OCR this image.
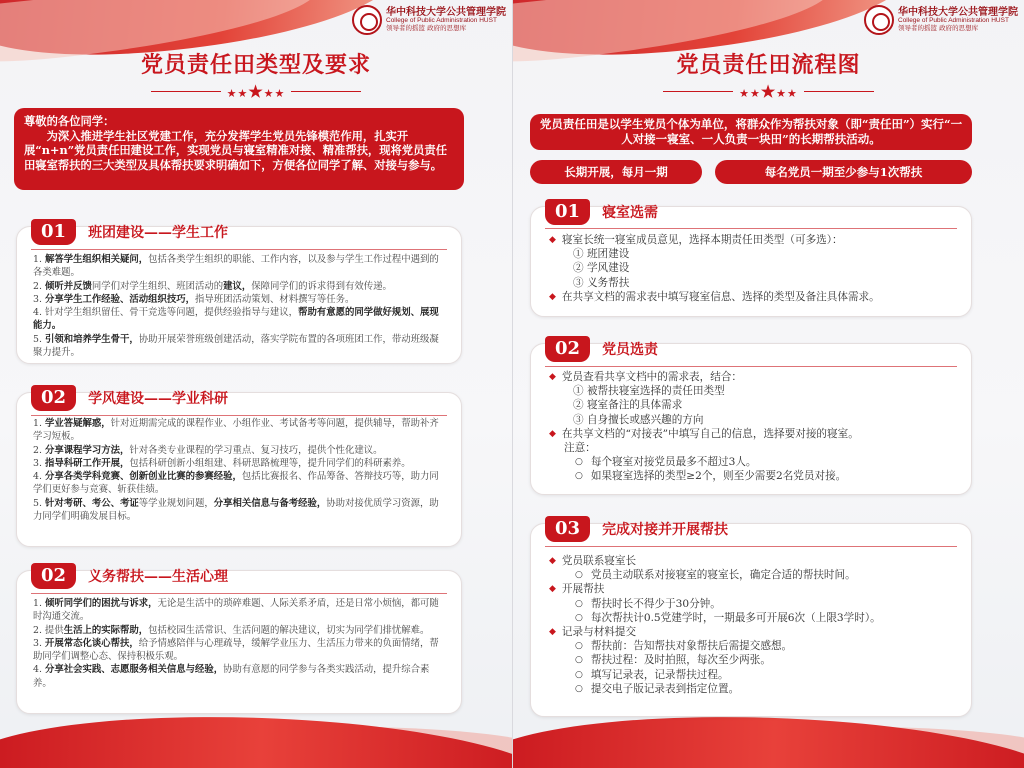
华中科技大学公共管理学院
College of Public Administration HUST
领导者的摇篮 政府的思想库
党员责任田类型及要求
★★★★★
尊敬的各位同学：
为深入推进学生社区党建工作，充分发挥学生党员先锋模范作用，扎实开展“n+n”党员责任田建设工作，实现党员与寝室精准对接、精准帮扶，现将党员责任田寝室帮扶的三大类型及具体帮扶要求明确如下，方便各位同学了解、对接与参与。
01	班团建设——学生工作
1. 解答学生组织相关疑问，包括各类学生组织的职能、工作内容，以及参与学生工作过程中遇到的各类难题。
2. 倾听并反馈同学们对学生组织、班团活动的建议，保障同学们的诉求得到有效传递。
3. 分享学生工作经验、活动组织技巧，指导班团活动策划、材料撰写等任务。
4. 针对学生组织留任、骨干竞选等问题，提供经验指导与建议，帮助有意愿的同学做好规划、展现能力。
5. 引领和培养学生骨干，协助开展荣誉班级创建活动，落实学院布置的各项班团工作，带动班级凝聚力提升。
02	学风建设——学业科研
1. 学业答疑解惑，针对近期需完成的课程作业、小组作业、考试备考等问题，提供辅导，帮助补齐学习短板。
2. 分享课程学习方法，针对各类专业课程的学习重点、复习技巧，提供个性化建议。
3. 指导科研工作开展，包括科研创新小组组建、科研思路梳理等，提升同学们的科研素养。
4. 分享各类学科竞赛、创新创业比赛的参赛经验，包括比赛报名、作品筹备、答辩技巧等，助力同学们更好参与竞赛、斩获佳绩。
5. 针对考研、考公、考证等学业规划问题，分享相关信息与备考经验，协助对接优质学习资源，助力同学们明确发展目标。
02	义务帮扶——生活心理
1. 倾听同学们的困扰与诉求，无论是生活中的琐碎难题、人际关系矛盾，还是日常小烦恼，都可随时沟通交流。
2. 提供生活上的实际帮助，包括校园生活常识、生活问题的解决建议，切实为同学们排忧解难。
3. 开展常态化谈心帮扶，给予情感陪伴与心理疏导，缓解学业压力、生活压力带来的负面情绪，帮助同学们调整心态、保持积极乐观。
4. 分享社会实践、志愿服务相关信息与经验，协助有意愿的同学参与各类实践活动，提升综合素养。
华中科技大学公共管理学院
College of Public Administration HUST
领导者的摇篮 政府的思想库
党员责任田流程图
★★★★★
党员责任田是以学生党员个体为单位，将群众作为帮扶对象（即“责任田”）实行“一人对接一寝室、一人负责一块田”的长期帮扶活动。
长期开展，每月一期	每名党员一期至少参与1次帮扶
01	寝室选需
◆ 寝室长统一寝室成员意见，选择本期责任田类型（可多选）：
① 班团建设
② 学风建设
③ 义务帮扶
◆ 在共享文档的需求表中填写寝室信息、选择的类型及备注具体需求。
02	党员选责
◆ 党员查看共享文档中的需求表，结合：
① 被帮扶寝室选择的责任田类型
② 寝室备注的具体需求
③ 自身擅长或感兴趣的方向
◆ 在共享文档的“对接表”中填写自己的信息，选择要对接的寝室。
注意：
○ 每个寝室对接党员最多不超过3人。
○ 如果寝室选择的类型≥2个，则至少需要2名党员对接。
03	完成对接并开展帮扶
◆ 党员联系寝室长
○ 党员主动联系对接寝室的寝室长，确定合适的帮扶时间。
◆ 开展帮扶
○ 帮扶时长不得少于30分钟。
○ 每次帮扶计0.5党建学时，一期最多可开展6次（上限3学时）。
◆ 记录与材料提交
○ 帮扶前：告知帮扶对象帮扶后需提交感想。
○ 帮扶过程：及时拍照，每次至少两张。
○ 填写记录表，记录帮扶过程。
○ 提交电子版记录表到指定位置。
